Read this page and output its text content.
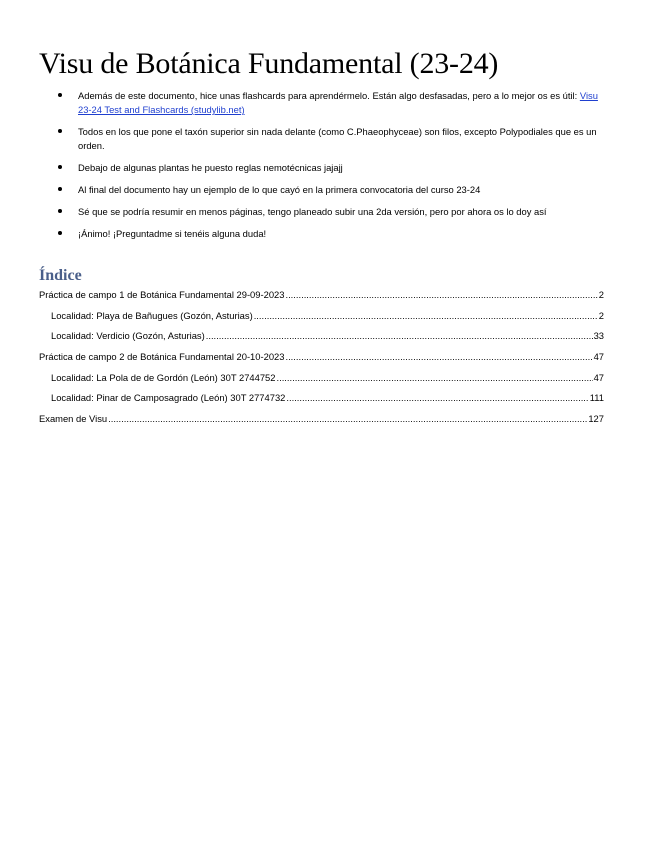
Visu de Botánica Fundamental (23-24)
Además de este documento, hice unas flashcards para aprendérmelo. Están algo desfasadas, pero a lo mejor os es útil: Visu 23-24 Test and Flashcards (studylib.net)
Todos en los que pone el taxón superior sin nada delante (como C.Phaeophyceae) son filos, excepto Polypodiales que es un orden.
Debajo de algunas plantas he puesto reglas nemotécnicas jajajj
Al final del documento hay un ejemplo de lo que cayó en la primera convocatoria del curso 23-24
Sé que se podría resumir en menos páginas, tengo planeado subir una 2da versión, pero por ahora os lo doy así
¡Ánimo! ¡Preguntadme si tenéis alguna duda!
Índice
Práctica de campo 1 de Botánica Fundamental 29-09-2023 .....	2
Localidad: Playa de Bañugues (Gozón, Asturias) .....	2
Localidad: Verdicio (Gozón, Asturias) .....	33
Práctica de campo 2 de Botánica Fundamental 20-10-2023 .....	47
Localidad: La Pola de de Gordón (León) 30T 2744752 .....	47
Localidad: Pinar de Camposagrado (León) 30T 2774732 .....	111
Examen de Visu .....	127
